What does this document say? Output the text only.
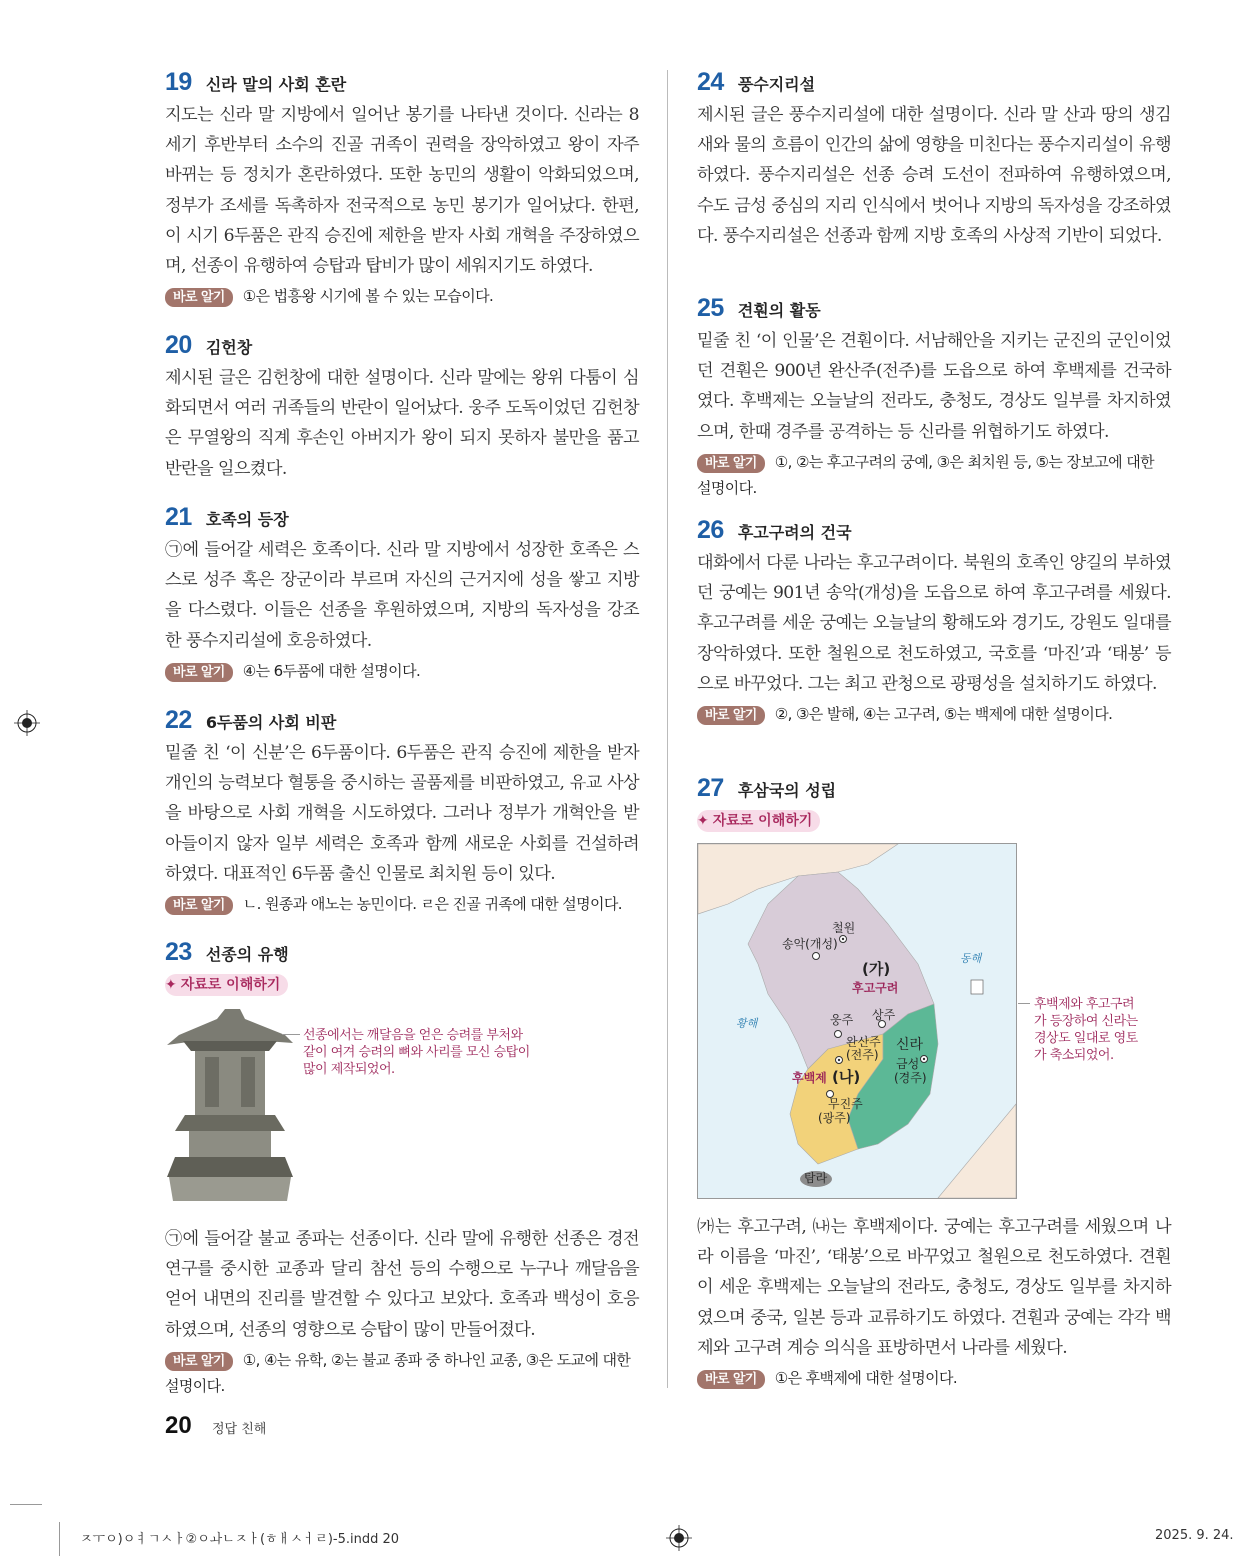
19 신라 말의 사회 혼란

지도는 신라 말 지방에서 일어난 봉기를 나타낸 것이다. 신라는 8세기 후반부터 소수의 진골 귀족이 권력을 장악하였고 왕이 자주 바뀌는 등 정치가 혼란하였다. 또한 농민의 생활이 악화되었으며, 정부가 조세를 독촉하자 전국적으로 농민 봉기가 일어났다. 한편, 이 시기 6두품은 관직 승진에 제한을 받자 사회 개혁을 주장하였으며, 선종이 유행하여 승탑과 탑비가 많이 세워지기도 하였다.

바로 알기 ①은 법흥왕 시기에 볼 수 있는 모습이다.
20 김헌창

제시된 글은 김헌창에 대한 설명이다. 신라 말에는 왕위 다툼이 심화되면서 여러 귀족들의 반란이 일어났다. 웅주 도독이었던 김헌창은 무열왕의 직계 후손인 아버지가 왕이 되지 못하자 불만을 품고 반란을 일으켰다.

21 호족의 등장

㉠에 들어갈 세력은 호족이다. 신라 말 지방에서 성장한 호족은 스스로 성주 혹은 장군이라 부르며 자신의 근거지에 성을 쌓고 지방을 다스렸다. 이들은 선종을 후원하였으며, 지방의 독자성을 강조한 풍수지리설에 호응하였다.

바로 알기 ④는 6두품에 대한 설명이다.
22 6두품의 사회 비판

밑줄 친 ‘이 신분’은 6두품이다. 6두품은 관직 승진에 제한을 받자 개인의 능력보다 혈통을 중시하는 골품제를 비판하였고, 유교 사상을 바탕으로 사회 개혁을 시도하였다. 그러나 정부가 개혁안을 받아들이지 않자 일부 세력은 호족과 함께 새로운 사회를 건설하려 하였다. 대표적인 6두품 출신 인물로 최치원 등이 있다.

바로 알기 ㄴ. 원종과 애노는 농민이다. ㄹ은 진골 귀족에 대한 설명이다.
23 선종의 유행
✦ 자료로 이해하기

㉠에 들어갈 불교 종파는 선종이다. 신라 말에 유행한 선종은 경전 연구를 중시한 교종과 달리 참선 등의 수행으로 누구나 깨달음을 얻어 내면의 진리를 발견할 수 있다고 보았다. 호족과 백성이 호응하였으며, 선종의 영향으로 승탑이 많이 만들어졌다.

바로 알기 ①, ④는 유학, ②는 불교 종파 중 하나인 교종, ③은 도교에 대한 설명이다.
24 풍수지리설

제시된 글은 풍수지리설에 대한 설명이다. 신라 말 산과 땅의 생김새와 물의 흐름이 인간의 삶에 영향을 미친다는 풍수지리설이 유행하였다. 풍수지리설은 선종 승려 도선이 전파하여 유행하였으며, 수도 금성 중심의 지리 인식에서 벗어나 지방의 독자성을 강조하였다. 풍수지리설은 선종과 함께 지방 호족의 사상적 기반이 되었다.

25 견훤의 활동

밑줄 친 ‘이 인물’은 견훤이다. 서남해안을 지키는 군진의 군인이었던 견훤은 900년 완산주(전주)를 도읍으로 하여 후백제를 건국하였다. 후백제는 오늘날의 전라도, 충청도, 경상도 일부를 차지하였으며, 한때 경주를 공격하는 등 신라를 위협하기도 하였다.

바로 알기 ①, ②는 후고구려의 궁예, ③은 최치원 등, ⑤는 장보고에 대한 설명이다.
26 후고구려의 건국

대화에서 다룬 나라는 후고구려이다. 북원의 호족인 양길의 부하였던 궁예는 901년 송악(개성)을 도읍으로 하여 후고구려를 세웠다. 후고구려를 세운 궁예는 오늘날의 황해도와 경기도, 강원도 일대를 장악하였다. 또한 철원으로 천도하였고, 국호를 ‘마진’과 ‘태봉’ 등으로 바꾸었다. 그는 최고 관청으로 광평성을 설치하기도 하였다.

바로 알기 ②, ③은 발해, ④는 고구려, ⑤는 백제에 대한 설명이다.
27 후삼국의 성립
✦ 자료로 이해하기

㈎는 후고구려, ㈏는 후백제이다. 궁예는 후고구려를 세웠으며 나라 이름을 ‘마진’, ‘태봉’으로 바꾸었고 철원으로 천도하였다. 견훤이 세운 후백제는 오늘날의 전라도, 충청도, 경상도 일부를 차지하였으며 중국, 일본 등과 교류하기도 하였다. 견훤과 궁예는 각각 백제와 고구려 계승 의식을 표방하면서 나라를 세웠다.

바로 알기 ①은 후백제에 대한 설명이다.
선종에서는 깨달음을 얻은 승려를 부처와 같이 여겨 승려의 뼈와 사리를 모신 승탑이 많이 제작되었어.
철원
송악(개성)
(가)
후고구려
웅주 상주
완산주
(전주)
신라
금성
(경주)
후백제 (나)
무진주
(광주)
탐라
동해
황해
후백제와 후고구려가 등장하여 신라는 경상도 일대로 영토가 축소되었어.
20 정답 친해
ㅈㅜㅇ)ㅇㅕㄱㅅㅏ②ㅇㅘㄴㅈㅏ(ㅎㅐㅅㅓㄹ)-5.indd 20	2025. 9. 24.
